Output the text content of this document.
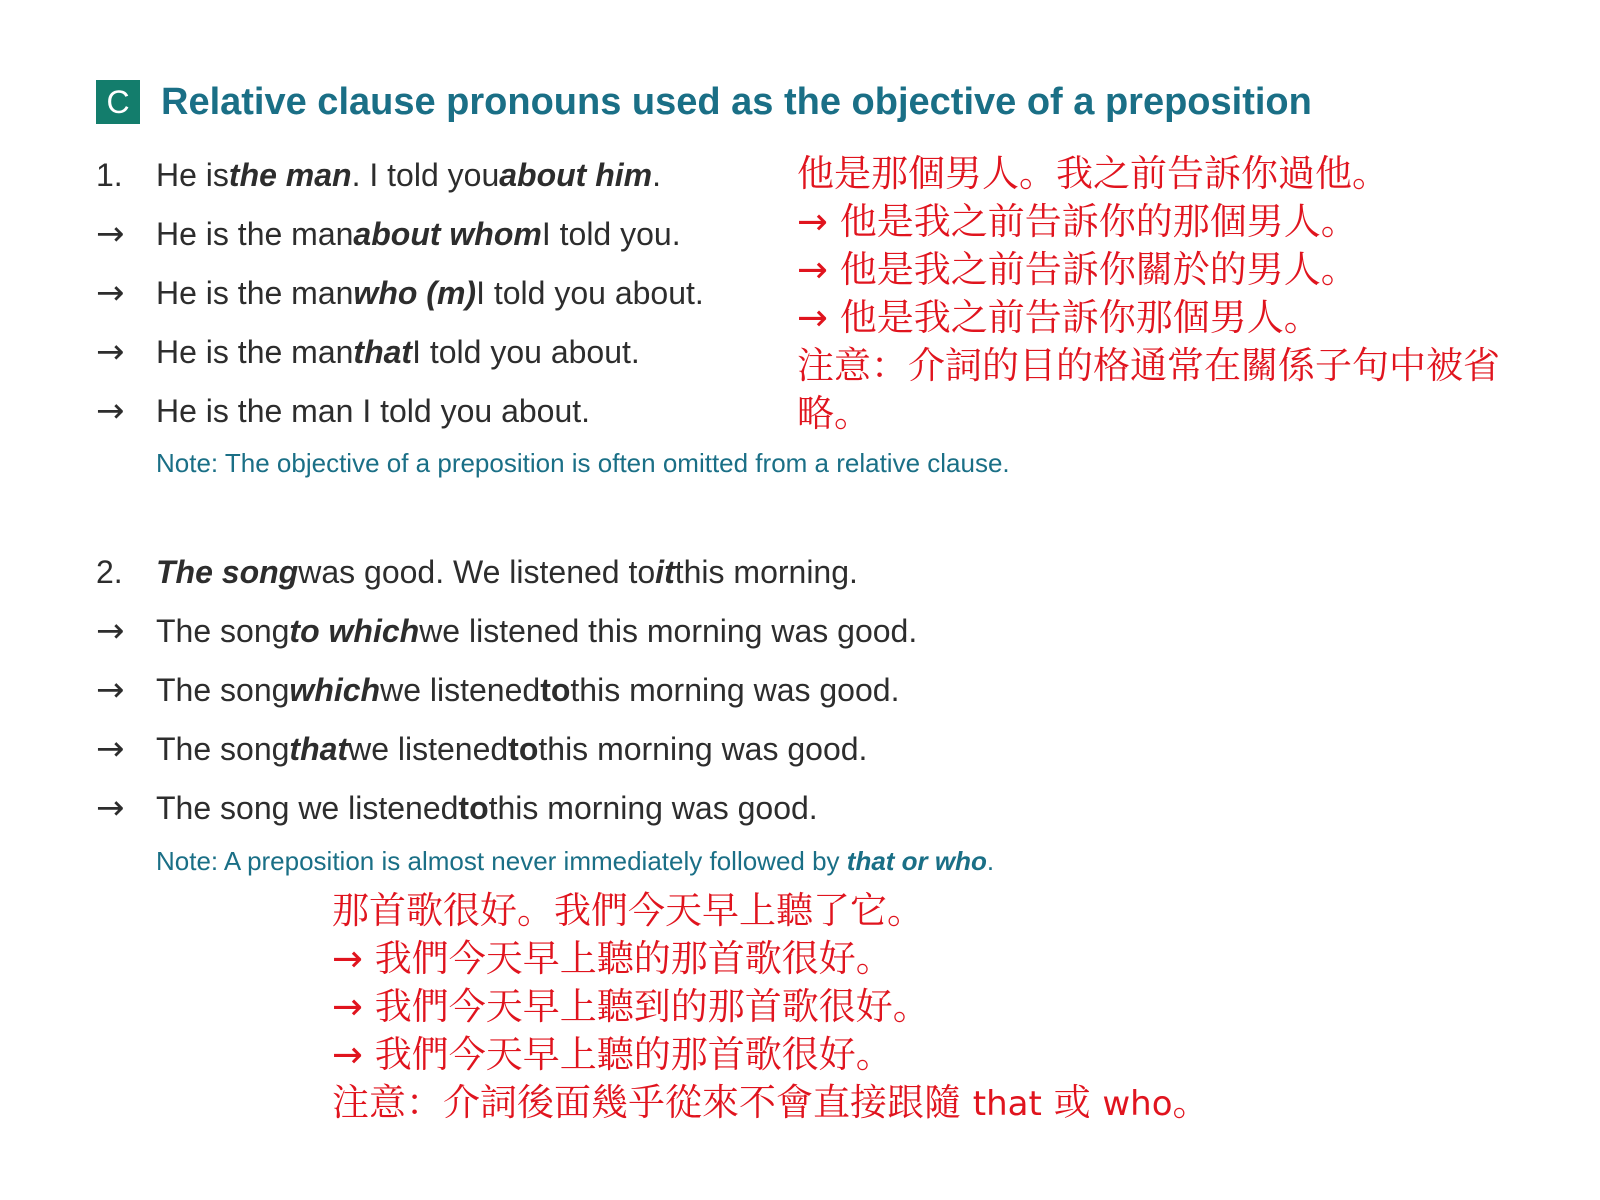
C Relative clause pronouns used as the objective of a preposition
1.	He is the man . I told you about him .
→ He is the man about whom I told you.
→ He is the man who (m) I told you about.
→ He is the man that I told you about.
→ He is the man I told you about.
Note: The objective of a preposition is often omitted from a relative clause.
他是那個男人。我之前告訴你過他。
→ 他是我之前告訴你的那個男人。
→ 他是我之前告訴你關於的男人。
→ 他是我之前告訴你那個男人。
注意：介詞的目的格通常在關係子句中被省
略。
2.	The song was good. We listened to it this morning.
→ The song to which we listened this morning was good.
→ The song which we listened to this morning was good.
→ The song that we listened to this morning was good.
→ The song we listened to this morning was good.
Note: A preposition is almost never immediately followed by that or who.
那首歌很好。我們今天早上聽了它。
→ 我們今天早上聽的那首歌很好。
→ 我們今天早上聽到的那首歌很好。
→ 我們今天早上聽的那首歌很好。
注意：介詞後面幾乎從來不會直接跟隨 that 或 who。
